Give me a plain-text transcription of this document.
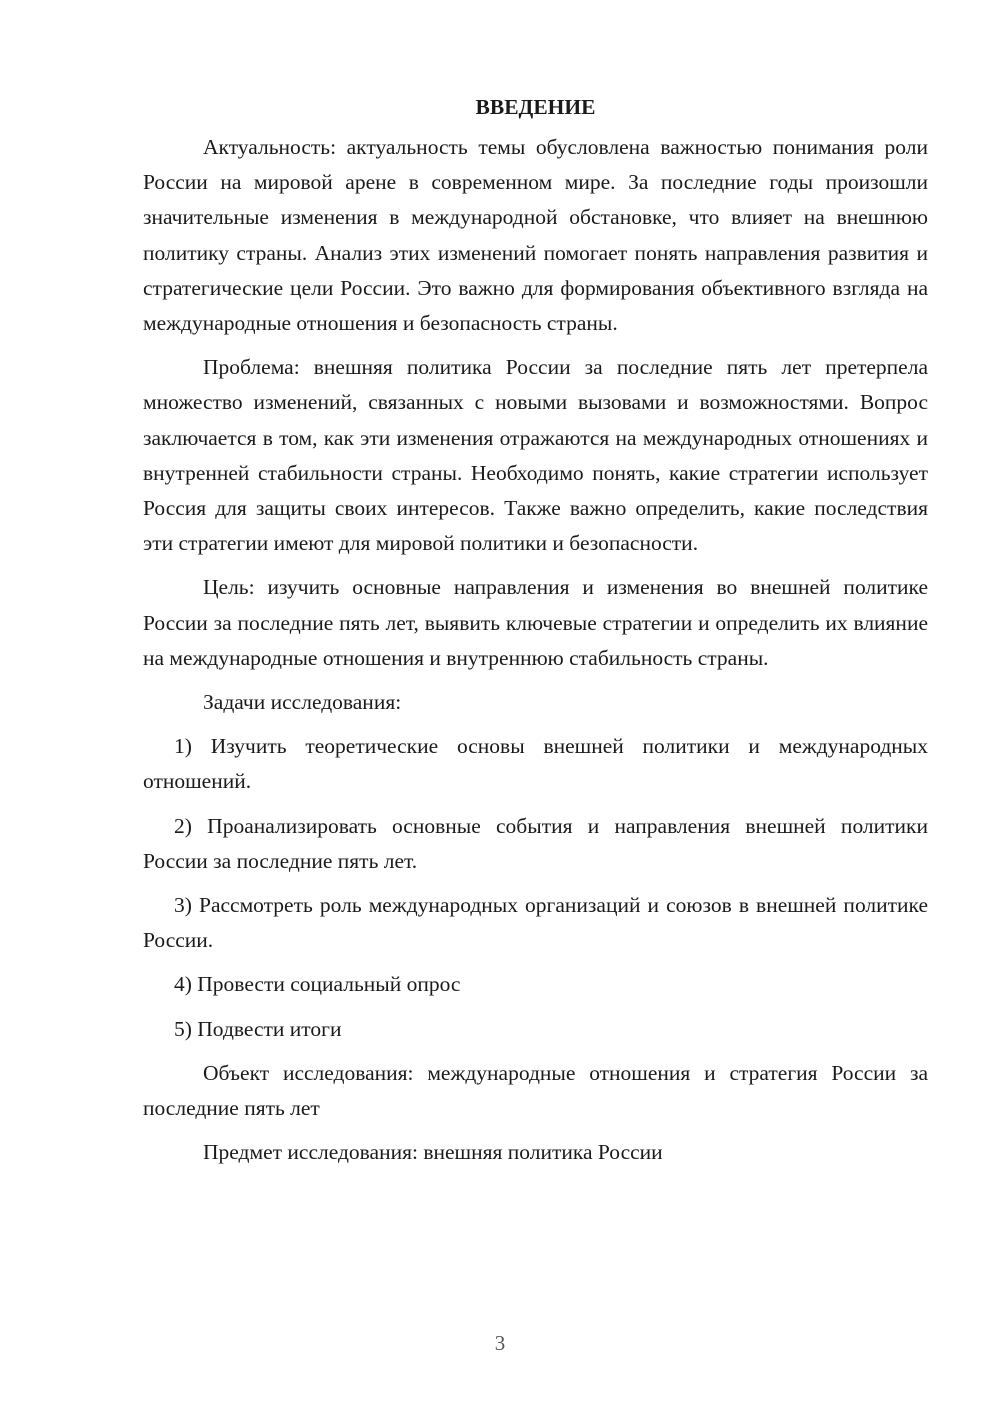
ВВЕДЕНИЕ

Актуальность: актуальность темы обусловлена важностью понимания роли России на мировой арене в современном мире. За последние годы произошли значительные изменения в международной обстановке, что влияет на внешнюю политику страны. Анализ этих изменений помогает понять направления развития и стратегические цели России. Это важно для формирования объективного взгляда на международные отношения и безопасность страны.

Проблема: внешняя политика России за последние пять лет претерпела множество изменений, связанных с новыми вызовами и возможностями. Вопрос заключается в том, как эти изменения отражаются на международных отношениях и внутренней стабильности страны. Необходимо понять, какие стратегии использует Россия для защиты своих интересов. Также важно определить, какие последствия эти стратегии имеют для мировой политики и безопасности.

Цель: изучить основные направления и изменения во внешней политике России за последние пять лет, выявить ключевые стратегии и определить их влияние на международные отношения и внутреннюю стабильность страны.

Задачи исследования:

1) Изучить теоретические основы внешней политики и международных отношений.

2) Проанализировать основные события и направления внешней политики России за последние пять лет.

3) Рассмотреть роль международных организаций и союзов в внешней политике России.

4) Провести социальный опрос

5) Подвести итоги

Объект исследования: международные отношения и стратегия России за последние пять лет

Предмет исследования: внешняя политика России

3
